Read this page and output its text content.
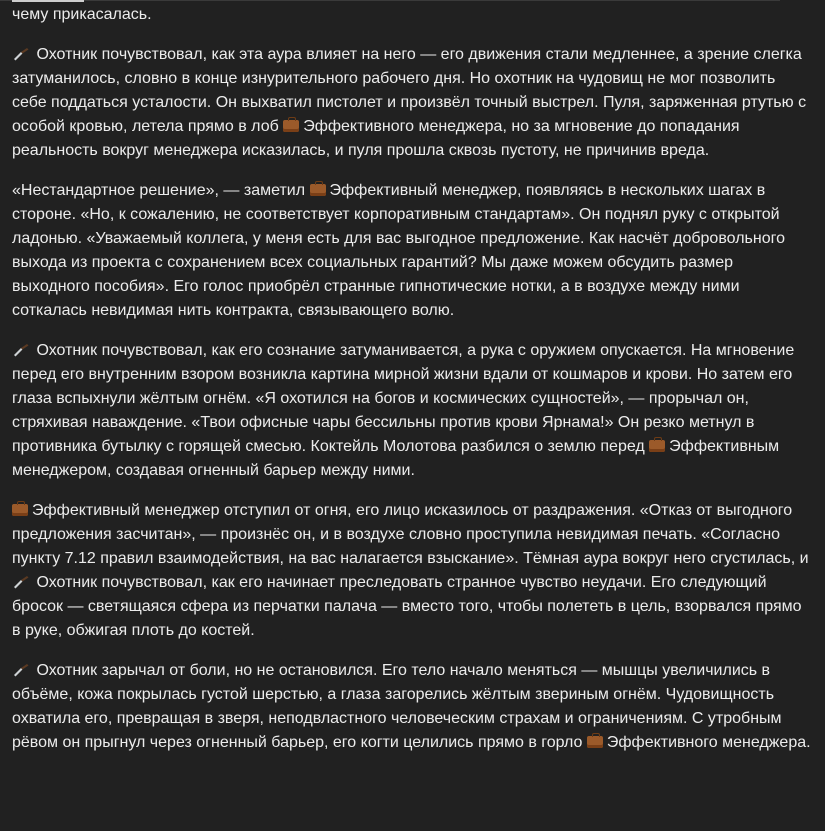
чему прикасалась.

Охотник почувствовал, как эта аура влияет на него — его движения стали медленнее, а зрение слегка затуманилось, словно в конце изнурительного рабочего дня. Но охотник на чудовищ не мог позволить себе поддаться усталости. Он выхватил пистолет и произвёл точный выстрел. Пуля, заряженная ртутью с особой кровью, летела прямо в лоб Эффективного менеджера, но за мгновение до попадания реальность вокруг менеджера исказилась, и пуля прошла сквозь пустоту, не причинив вреда.

«Нестандартное решение», — заметил Эффективный менеджер, появляясь в нескольких шагах в стороне. «Но, к сожалению, не соответствует корпоративным стандартам». Он поднял руку с открытой ладонью. «Уважаемый коллега, у меня есть для вас выгодное предложение. Как насчёт добровольного выхода из проекта с сохранением всех социальных гарантий? Мы даже можем обсудить размер выходного пособия». Его голос приобрёл странные гипнотические нотки, а в воздухе между ними соткалась невидимая нить контракта, связывающего волю.

Охотник почувствовал, как его сознание затуманивается, а рука с оружием опускается. На мгновение перед его внутренним взором возникла картина мирной жизни вдали от кошмаров и крови. Но затем его глаза вспыхнули жёлтым огнём. «Я охотился на богов и космических сущностей», — прорычал он, стряхивая наваждение. «Твои офисные чары бессильны против крови Ярнама!» Он резко метнул в противника бутылку с горящей смесью. Коктейль Молотова разбился о землю перед Эффективным менеджером, создавая огненный барьер между ними.

Эффективный менеджер отступил от огня, его лицо исказилось от раздражения. «Отказ от выгодного предложения засчитан», — произнёс он, и в воздухе словно проступила невидимая печать. «Согласно пункту 7.12 правил взаимодействия, на вас налагается взыскание». Тёмная аура вокруг него сгустилась, и
Охотник почувствовал, как его начинает преследовать странное чувство неудачи. Его следующий бросок — светящаяся сфера из перчатки палача — вместо того, чтобы полететь в цель, взорвался прямо в руке, обжигая плоть до костей.

Охотник зарычал от боли, но не остановился. Его тело начало меняться — мышцы увеличились в объёме, кожа покрылась густой шерстью, а глаза загорелись жёлтым звериным огнём. Чудовищность охватила его, превращая в зверя, неподвластного человеческим страхам и ограничениям. С утробным рёвом он прыгнул через огненный барьер, его когти целились прямо в горло Эффективного менеджера.
